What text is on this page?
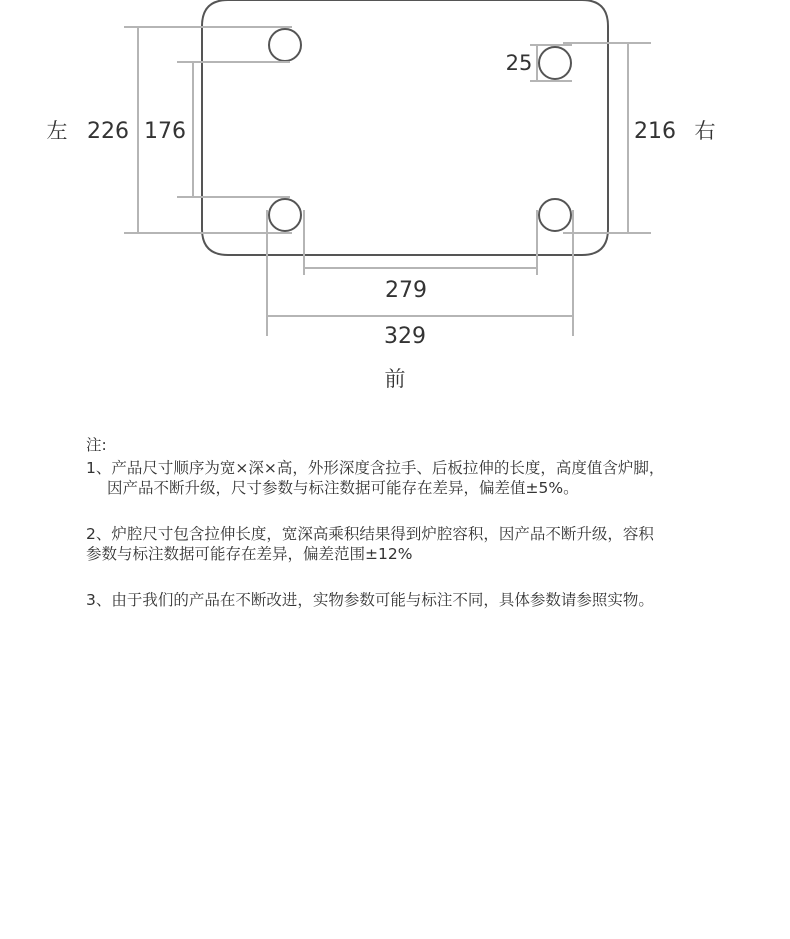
左 226 176	216 右
25
279
329
前

注:

1、产品尺寸顺序为宽×深×高，外形深度含拉手、后板拉伸的长度，高度值含炉脚，

因产品不断升级，尺寸参数与标注数据可能存在差异，偏差值±5%。

2、炉腔尺寸包含拉伸长度，宽深高乘积结果得到炉腔容积，因产品不断升级，容积

参数与标注数据可能存在差异，偏差范围±12%

3、由于我们的产品在不断改进，实物参数可能与标注不同，具体参数请参照实物。
